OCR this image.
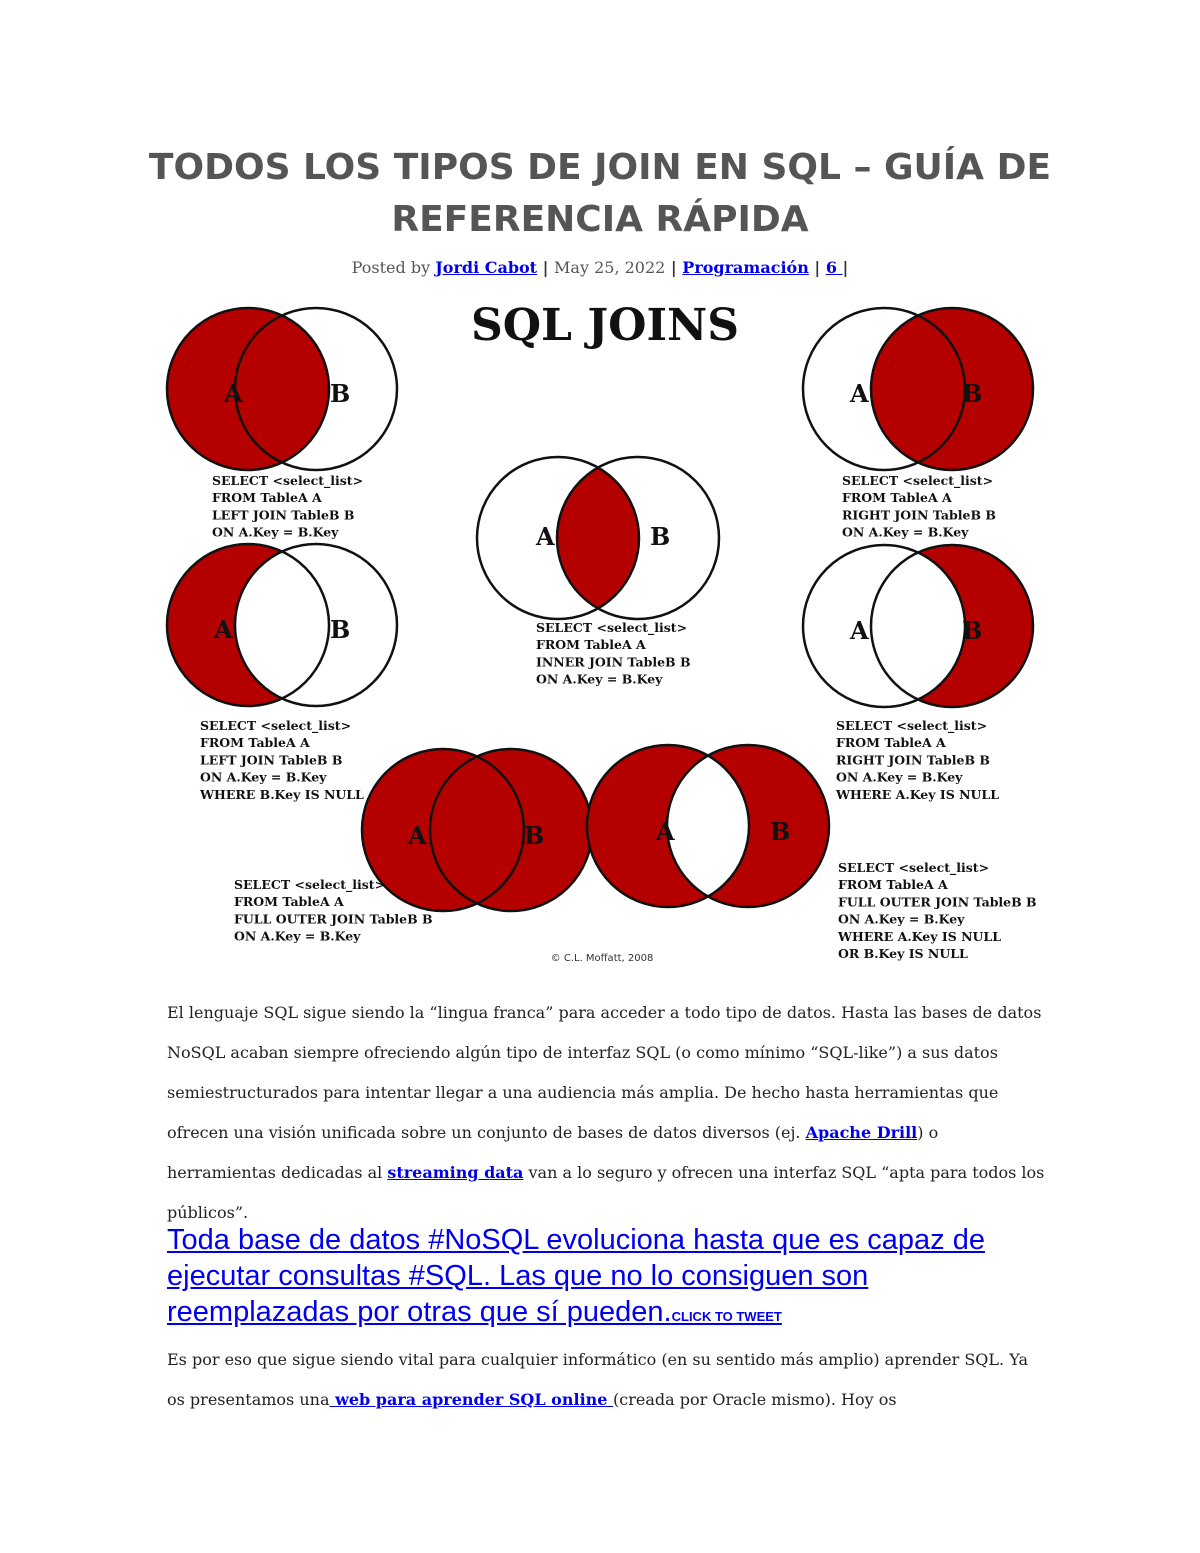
TODOS LOS TIPOS DE JOIN EN SQL – GUÍA DE
REFERENCIA RÁPIDA
Posted by Jordi Cabot | May 25, 2022 | Programación | 6 |
SQL JOINS
A	B
SELECT <select_list>
FROM TableA A
LEFT JOIN TableB B
ON A.Key = B.Key
A	B
SELECT <select_list>
FROM TableA A
RIGHT JOIN TableB B
ON A.Key = B.Key
A	B
SELECT <select_list>
FROM TableA A
INNER JOIN TableB B
ON A.Key = B.Key
A	B
SELECT <select_list>
FROM TableA A
LEFT JOIN TableB B
ON A.Key = B.Key
WHERE B.Key IS NULL
A	B
SELECT <select_list>
FROM TableA A
RIGHT JOIN TableB B
ON A.Key = B.Key
WHERE A.Key IS NULL
A	B
SELECT <select_list>
FROM TableA A
FULL OUTER JOIN TableB B
ON A.Key = B.Key
A	B
SELECT <select_list>
FROM TableA A
FULL OUTER JOIN TableB B
ON A.Key = B.Key
WHERE A.Key IS NULL
OR B.Key IS NULL
© C.L. Moffatt, 2008

El lenguaje SQL sigue siendo la “lingua franca” para acceder a todo tipo de datos. Hasta las bases de datos NoSQL acaban siempre ofreciendo algún tipo de interfaz SQL (o como mínimo “SQL-like”) a sus datos semiestructurados para intentar llegar a una audiencia más amplia. De hecho hasta herramientas que ofrecen una visión unificada sobre un conjunto de bases de datos diversos (ej. Apache Drill) o herramientas dedicadas al streaming data van a lo seguro y ofrecen una interfaz SQL “apta para todos los públicos”.

Toda base de datos #NoSQL evoluciona hasta que es capaz de ejecutar consultas #SQL. Las que no lo consiguen son reemplazadas por otras que sí pueden.CLICK TO TWEET

Es por eso que sigue siendo vital para cualquier informático (en su sentido más amplio) aprender SQL. Ya os presentamos una web para aprender SQL online (creada por Oracle mismo). Hoy os
